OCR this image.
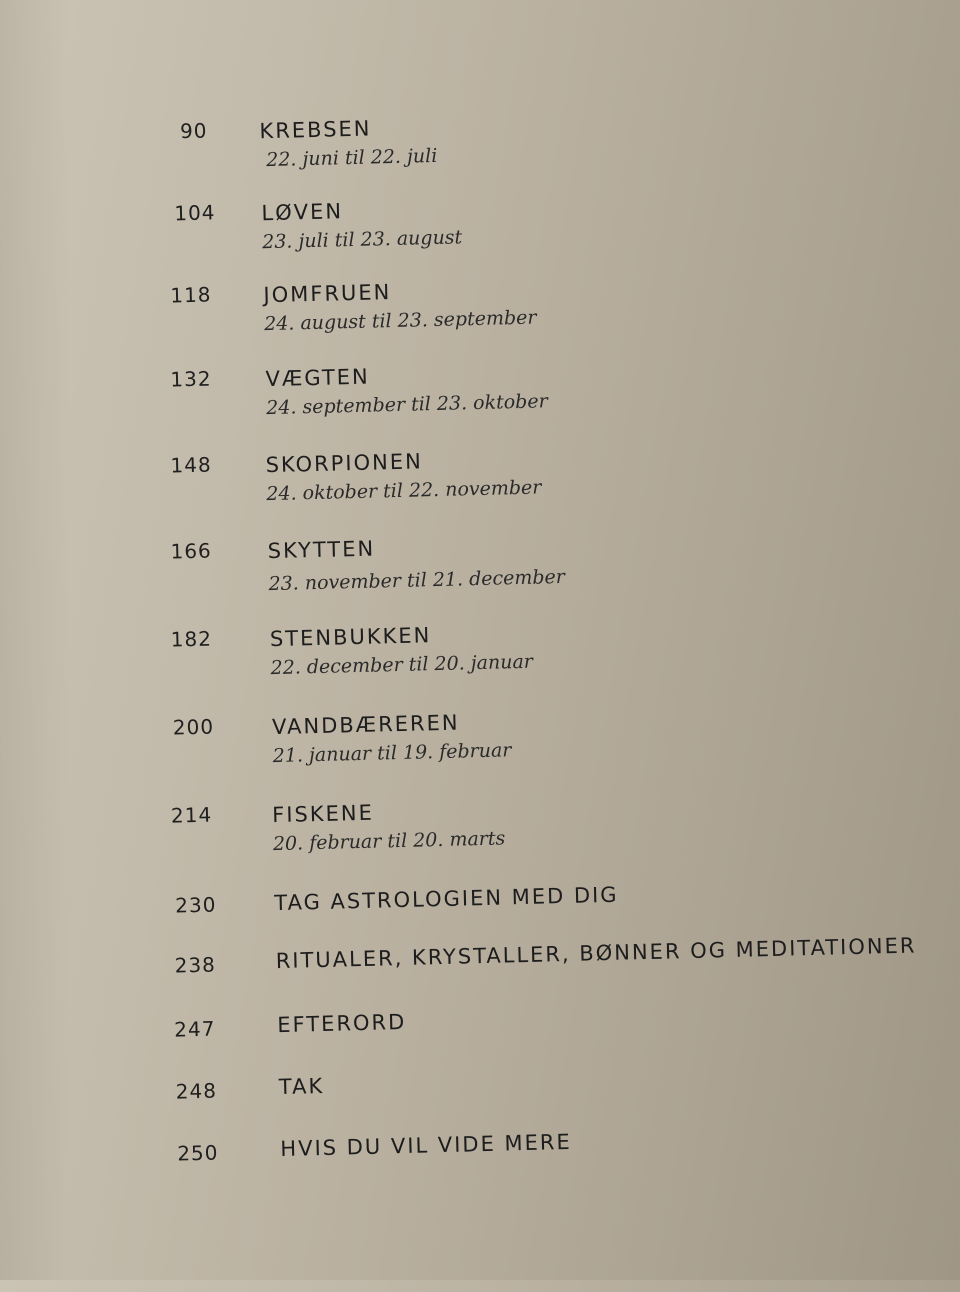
90 KREBSEN
22. juni til 22. juli
104 LØVEN
23. juli til 23. august
118 JOMFRUEN
24. august til 23. september
132	VÆGTEN
24. september til 23. oktober
148	SKORPIONEN
24. oktober til 22. november
166	SKYTTEN
23. november til 21. december
182	STENBUKKEN
22. december til 20. januar
200	VANDBÆREREN
21. januar til 19. februar
214	FISKENE
20. februar til 20. marts
230	TAG ASTROLOGIEN MED DIG
238	RITUALER, KRYSTALLER, BØNNER OG MEDITATIONER
247	EFTERORD
248	TAK
250	HVIS DU VIL VIDE MERE
